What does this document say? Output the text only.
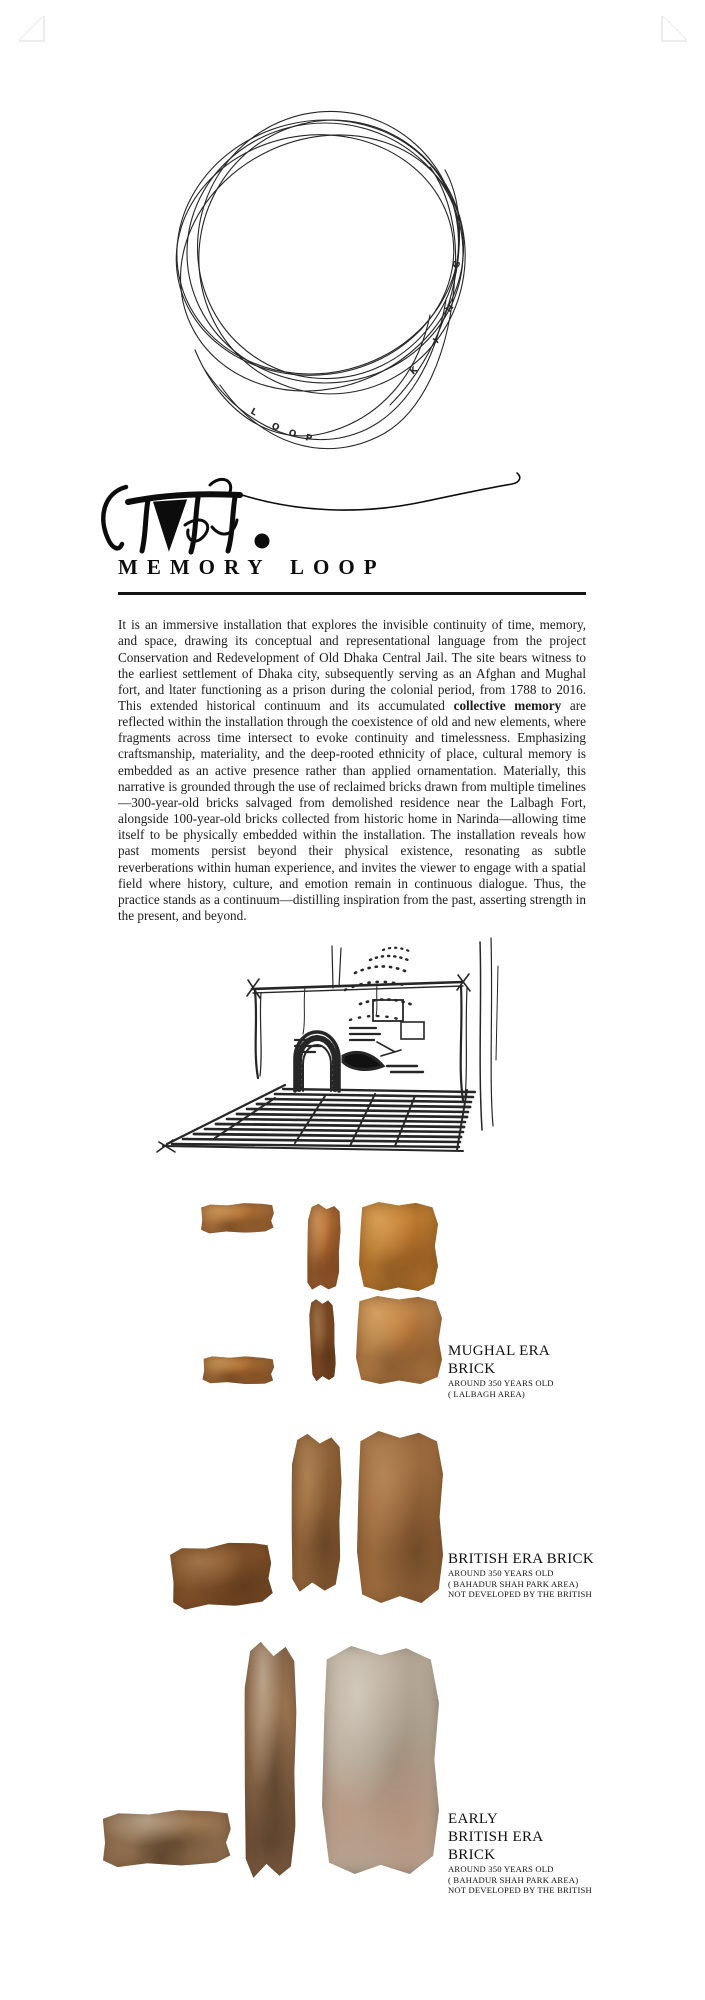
L
O
O P
K
I
N
G
MEMORY LOOP

It is an immersive installation that explores the invisible continuity of time, memory, and space, drawing its conceptual and representational language from the project Conservation and Redevelopment of Old Dhaka Central Jail. The site bears witness to the earliest settlement of Dhaka city, subsequently serving as an Afghan and Mughal fort, and ltater functioning as a prison during the colonial period, from 1788 to 2016. This extended historical continuum and its accumulated collective memory are reflected within the installation through the coexistence of old and new elements, where fragments across time intersect to evoke continuity and timelessness. Emphasizing craftsmanship, materiality, and the deep-rooted ethnicity of place, cultural memory is embedded as an active presence rather than applied ornamentation. Materially, this narrative is grounded through the use of reclaimed bricks drawn from multiple timelines—300-year-old bricks salvaged from demolished residence near the Lalbagh Fort, alongside 100-year-old bricks collected from historic home in Narinda—allowing time itself to be physically embedded within the installation. The installation reveals how past moments persist beyond their physical existence, resonating as subtle reverberations within human experience, and invites the viewer to engage with a spatial field where history, culture, and emotion remain in continuous dialogue. Thus, the practice stands as a continuum—distilling inspiration from the past, asserting strength in the present, and beyond.

MUGHAL ERA BRICK
AROUND 350 YEARS OLD
( LALBAGH AREA)
BRITISH ERA BRICK
AROUND 350 YEARS OLD
( BAHADUR SHAH PARK AREA)
NOT DEVELOPED BY THE BRITISH
EARLY BRITISH ERA BRICK
AROUND 350 YEARS OLD
( BAHADUR SHAH PARK AREA)
NOT DEVELOPED BY THE BRITISH
